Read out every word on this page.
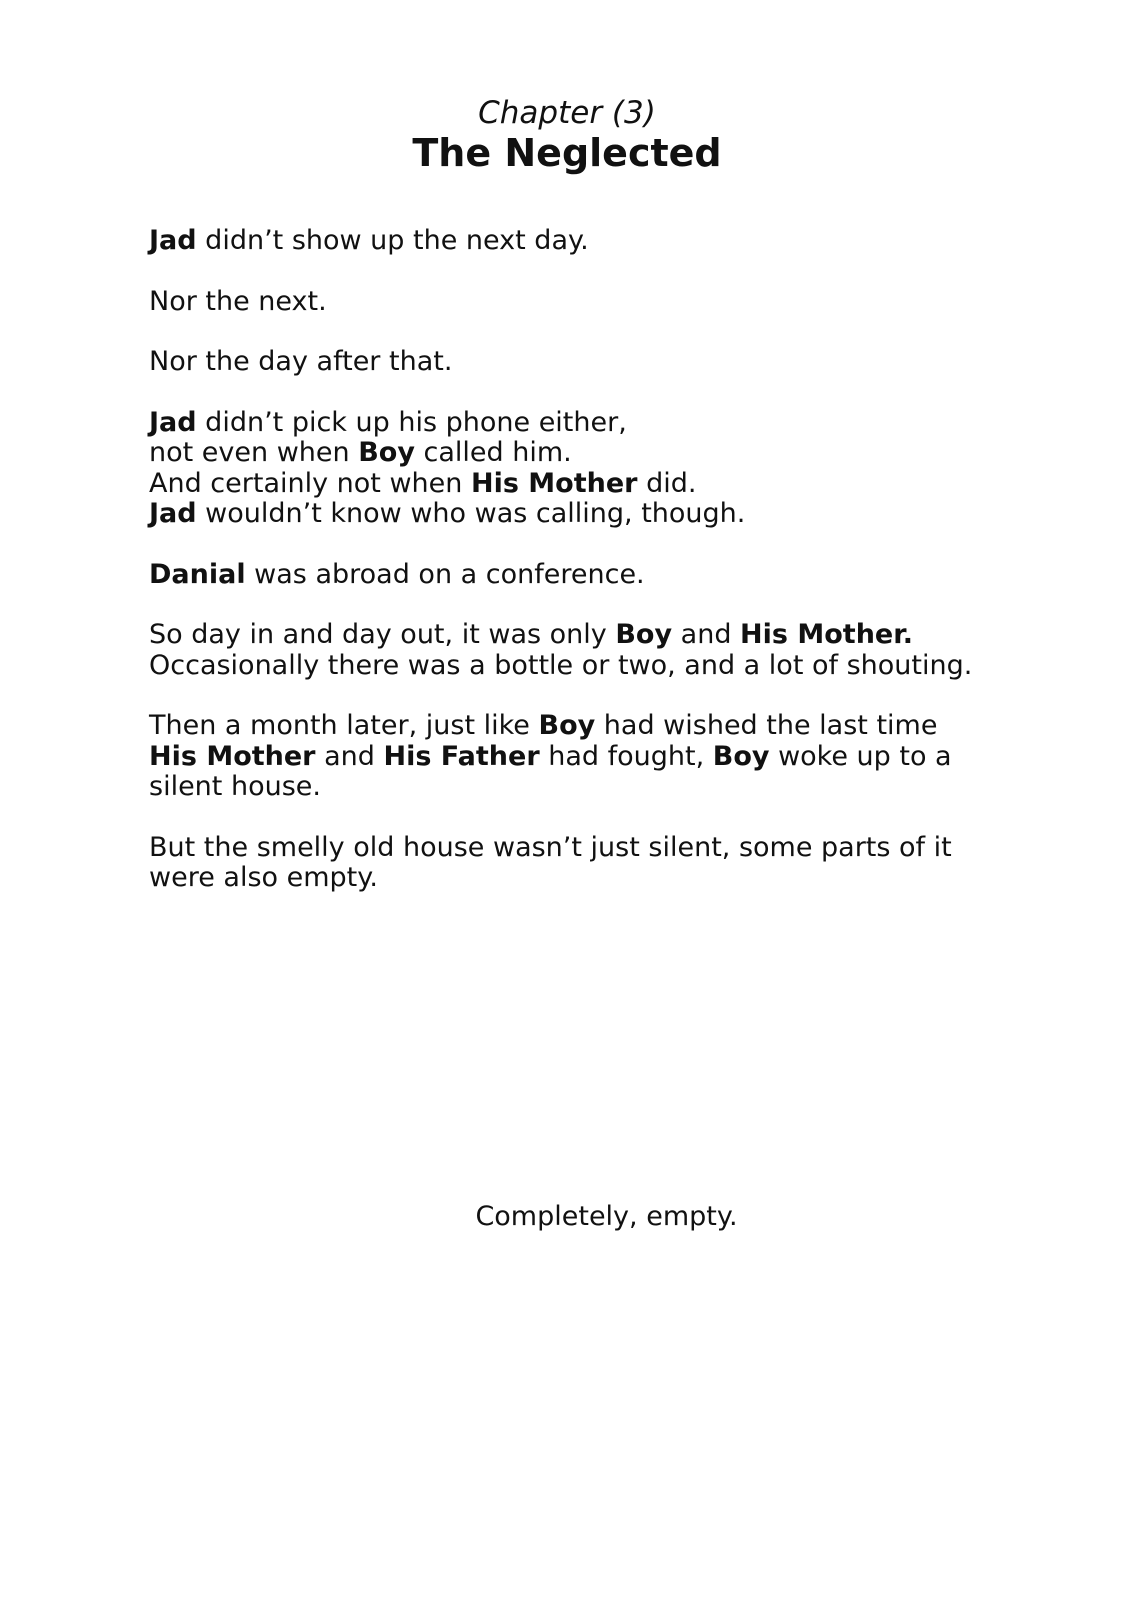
Chapter (3)
The Neglected
Jad didn’t show up the next day.
Nor the next.
Nor the day after that.
Jad didn’t pick up his phone either,
not even when Boy called him.
And certainly not when His Mother did.
Jad wouldn’t know who was calling, though.
Danial was abroad on a conference.
So day in and day out, it was only Boy and His Mother.
Occasionally there was a bottle or two, and a lot of shouting.
Then a month later, just like Boy had wished the last time
His Mother and His Father had fought, Boy woke up to a
silent house.
But the smelly old house wasn’t just silent, some parts of it
were also empty.
Completely, empty.
